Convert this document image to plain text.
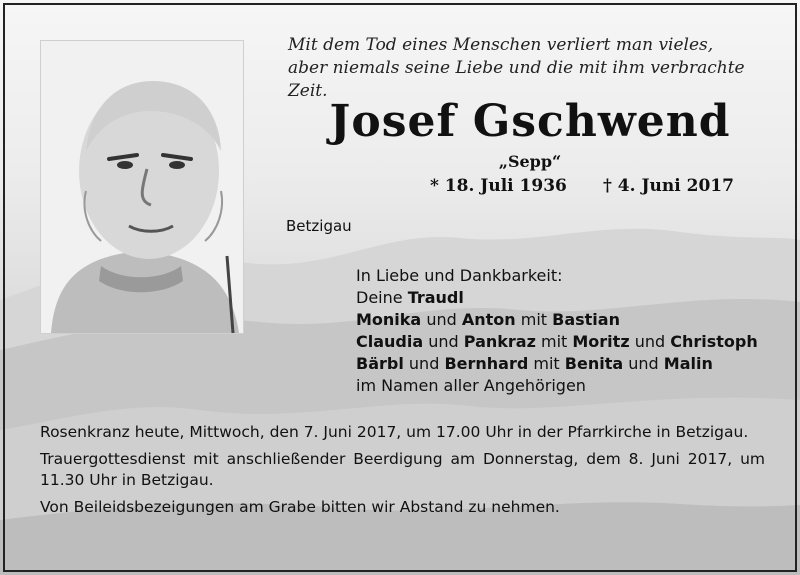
Mit dem Tod eines Menschen verliert man vieles,
aber niemals seine Liebe und die mit ihm verbrachte Zeit.
Josef Gschwend
„Sepp“
* 18. Juli 1936 † 4. Juni 2017
Betzigau
In Liebe und Dankbarkeit:
Deine Traudl
Monika und Anton mit Bastian
Claudia und Pankraz mit Moritz und Christoph
Bärbl und Bernhard mit Benita und Malin
im Namen aller Angehörigen

Rosenkranz heute, Mittwoch, den 7. Juni 2017, um 17.00 Uhr in der Pfarrkirche in Betzigau.

Trauergottesdienst mit anschließender Beerdigung am Donnerstag, dem 8. Juni 2017, um 11.30 Uhr in Betzigau.

Von Beileidsbezeigungen am Grabe bitten wir Abstand zu nehmen.
